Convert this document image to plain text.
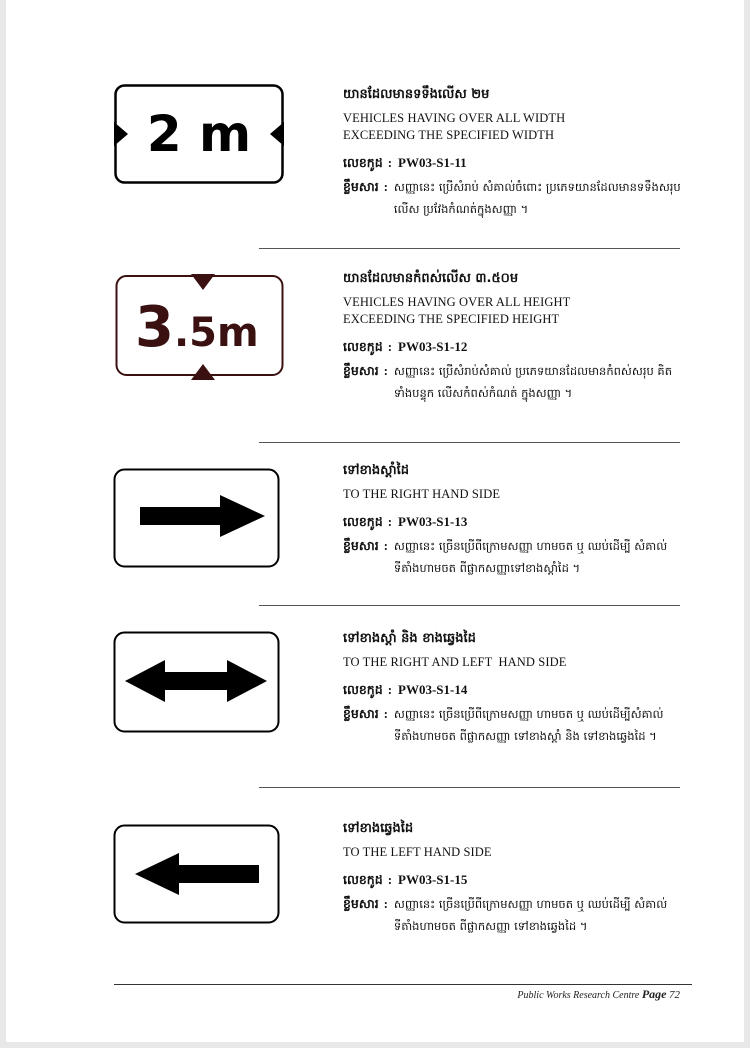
2 m
3.5m
យានដែលមានទទឹងលើស ២ម
VEHICLES HAVING OVER ALL WIDTH
EXCEEDING THE SPECIFIED WIDTH
លេខកូដ : PW03-S1-11
ខ្លឹមសារ : សញ្ញានេះ ប្រើសំរាប់ សំគាល់ចំពោះ ប្រភេទយានដែលមានទទឹងសរុប លើស ប្រវែងកំណត់ក្នុងសញ្ញា ។
យានដែលមានកំពស់លើស ៣.៥០ម
VEHICLES HAVING OVER ALL HEIGHT
EXCEEDING THE SPECIFIED HEIGHT
លេខកូដ : PW03-S1-12
ខ្លឹមសារ : សញ្ញានេះ ប្រើសំរាប់សំគាល់ ប្រភេទយានដែលមានកំពស់សរុប គិតទាំងបន្ទុក លើសកំពស់កំណត់ ក្នុងសញ្ញា ។
ទៅខាងស្តាំដៃ
TO THE RIGHT HAND SIDE
លេខកូដ : PW03-S1-13
ខ្លឹមសារ : សញ្ញានេះ ច្រើនប្រើពីក្រោមសញ្ញា ហាមចត ឬ ឈប់ដើម្បី សំគាល់ទីតាំងហាមចត ពីផ្លាកសញ្ញាទៅខាងស្តាំដៃ ។
ទៅខាងស្តាំ និង ខាងឆ្វេងដៃ
TO THE RIGHT AND LEFT  HAND SIDE
លេខកូដ : PW03-S1-14
ខ្លឹមសារ : សញ្ញានេះ ច្រើនប្រើពីក្រោមសញ្ញា ហាមចត ឬ ឈប់ដើម្បីសំគាល់ ទីតាំងហាមចត ពីផ្លាកសញ្ញា ទៅខាងស្តាំ និង ទៅខាងឆ្វេងដៃ ។
ទៅខាងឆ្វេងដៃ
TO THE LEFT HAND SIDE
លេខកូដ : PW03-S1-15
ខ្លឹមសារ : សញ្ញានេះ ច្រើនប្រើពីក្រោមសញ្ញា ហាមចត ឬ ឈប់ដើម្បី សំគាល់ទីតាំងហាមចត ពីផ្លាកសញ្ញា ទៅខាងឆ្វេងដៃ ។
Public Works Research Centre Page 72
